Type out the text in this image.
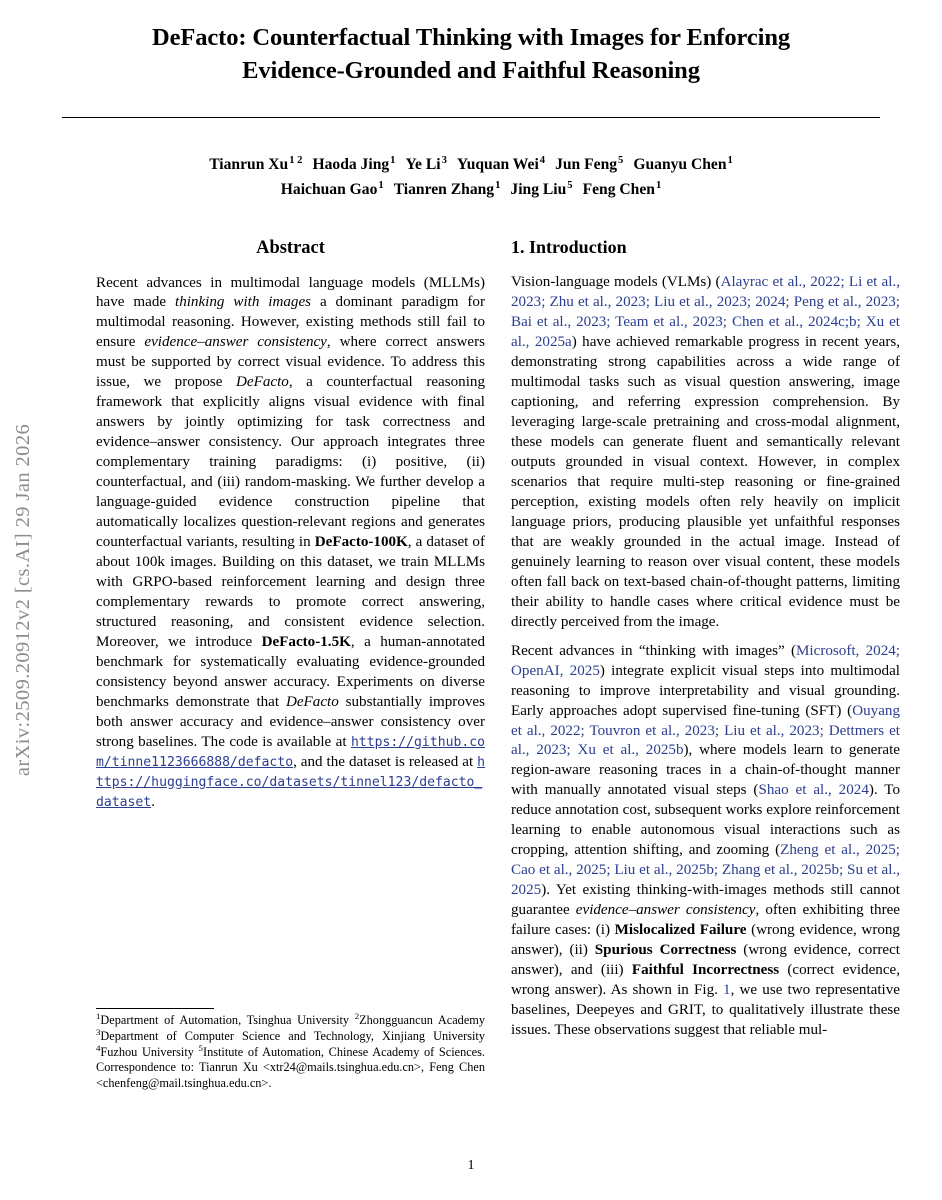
arXiv:2509.20912v2 [cs.AI] 29 Jan 2026
DeFacto: Counterfactual Thinking with Images for Enforcing
Evidence-Grounded and Faithful Reasoning
Tianrun $Xu^{1 2}$ Haoda Jing$^1$ Ye Li$^3$ Yuquan Wei$^4$ Jun Feng$^5$ Guanyu Chen$^1$
Haichuan Gao$^1$ Tianren Zhang$^1$ Jing Liu$^5$ Feng Chen$^1$
Abstract

Recent advances in multimodal language models (MLLMs) have made thinking with images a dominant paradigm for multimodal reasoning. However, existing methods still fail to ensure evidence–answer consistency, where correct answers must be supported by correct visual evidence. To address this issue, we propose DeFacto, a counterfactual reasoning framework that explicitly aligns visual evidence with final answers by jointly optimizing for task correctness and evidence–answer consistency. Our approach integrates three complementary training paradigms: (i) positive, (ii) counterfactual, and (iii) random-masking. We further develop a language-guided evidence construction pipeline that automatically localizes question-relevant regions and generates counterfactual variants, resulting in DeFacto-100K, a dataset of about 100k images. Building on this dataset, we train MLLMs with GRPO-based reinforcement learning and design three complementary rewards to promote correct answering, structured reasoning, and consistent evidence selection. Moreover, we introduce DeFacto-1.5K, a human-annotated benchmark for systematically evaluating evidence-grounded consistency beyond answer accuracy. Experiments on diverse benchmarks demonstrate that DeFacto substantially improves both answer accuracy and evidence–answer consistency over strong baselines. The code is available at https://github.com/tinne1123666888/defacto, and the dataset is released at https://huggingface.co/datasets/tinnel123/defacto_dataset.

1. Introduction

Vision-language models (VLMs) (Alayrac et al., 2022; Li et al., 2023; Zhu et al., 2023; Liu et al., 2023; 2024; Peng et al., 2023; Bai et al., 2023; Team et al., 2023; Chen et al., 2024c;b; Xu et al., 2025a) have achieved remarkable progress in recent years, demonstrating strong capabilities across a wide range of multimodal tasks such as visual question answering, image captioning, and referring expression comprehension. By leveraging large-scale pretraining and cross-modal alignment, these models can generate fluent and semantically relevant outputs grounded in visual context. However, in complex scenarios that require multi-step reasoning or fine-grained perception, existing models often rely heavily on implicit language priors, producing plausible yet unfaithful responses that are weakly grounded in the actual image. Instead of genuinely learning to reason over visual content, these models often fall back on text-based chain-of-thought patterns, limiting their ability to handle cases where critical evidence must be directly perceived from the image.

Recent advances in “thinking with images” (Microsoft, 2024; OpenAI, 2025) integrate explicit visual steps into multimodal reasoning to improve interpretability and visual grounding. Early approaches adopt supervised fine-tuning (SFT) (Ouyang et al., 2022; Touvron et al., 2023; Liu et al., 2023; Dettmers et al., 2023; Xu et al., 2025b), where models learn to generate region-aware reasoning traces in a chain-of-thought manner with manually annotated visual steps (Shao et al., 2024). To reduce annotation cost, subsequent works explore reinforcement learning to enable autonomous visual interactions such as cropping, attention shifting, and zooming (Zheng et al., 2025; Cao et al., 2025; Liu et al., 2025b; Zhang et al., 2025b; Su et al., 2025). Yet existing thinking-with-images methods still cannot guarantee evidence–answer consistency, often exhibiting three failure cases: (i) Mislocalized Failure (wrong evidence, wrong answer), (ii) Spurious Correctness (wrong evidence, correct answer), and (iii) Faithful Incorrectness (correct evidence, wrong answer). As shown in Fig. 1, we use two representative baselines, Deepeyes and GRIT, to qualitatively illustrate these issues. These observations suggest that reliable mul-

$^1$Department of Automation, Tsinghua University $^2$Zhongguancun Academy $^3$Department of Computer Science and Technology, Xinjiang University $^4$Fuzhou University $^5$Institute of Automation, Chinese Academy of Sciences. Correspondence to: Tianrun Xu <xtr24@mails.tsinghua.edu.cn>, Feng Chen <chenfeng@mail.tsinghua.edu.cn>.
1
